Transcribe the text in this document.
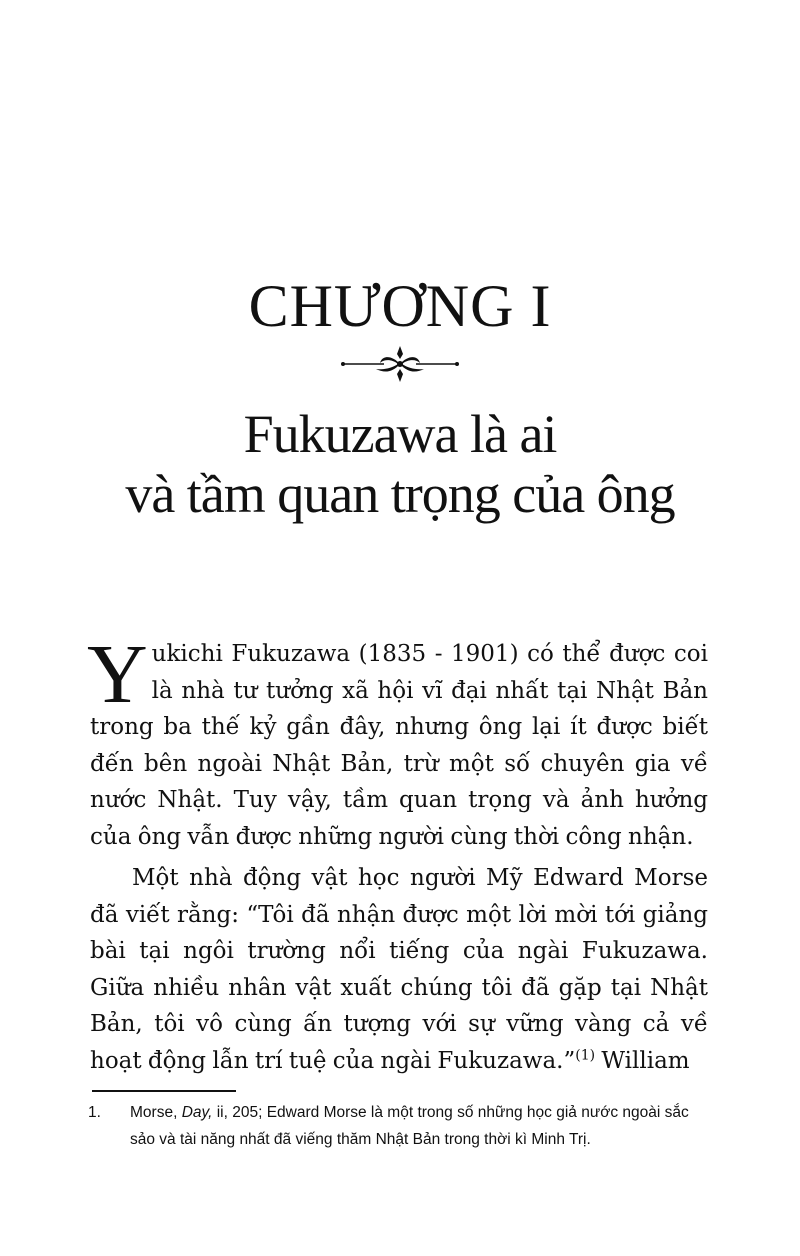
CHƯƠNG I
Fukuzawa là ai
và tầm quan trọng của ông
Yukichi Fukuzawa (1835 - 1901) có thể được coi là nhà tư tưởng xã hội vĩ đại nhất tại Nhật Bản trong ba thế kỷ gần đây, nhưng ông lại ít được biết đến bên ngoài Nhật Bản, trừ một số chuyên gia về nước Nhật. Tuy vậy, tầm quan trọng và ảnh hưởng của ông vẫn được những người cùng thời công nhận.
Một nhà động vật học người Mỹ Edward Morse đã viết rằng: “Tôi đã nhận được một lời mời tới giảng bài tại ngôi trường nổi tiếng của ngài Fukuzawa. Giữa nhiều nhân vật xuất chúng tôi đã gặp tại Nhật Bản, tôi vô cùng ấn tượng với sự vững vàng cả về hoạt động lẫn trí tuệ của ngài Fukuzawa.”$^{(1)}$ William
1. Morse, Day, ii, 205; Edward Morse là một trong số những học giả nước ngoài sắc sảo và tài năng nhất đã viếng thăm Nhật Bản trong thời kì Minh Trị.
